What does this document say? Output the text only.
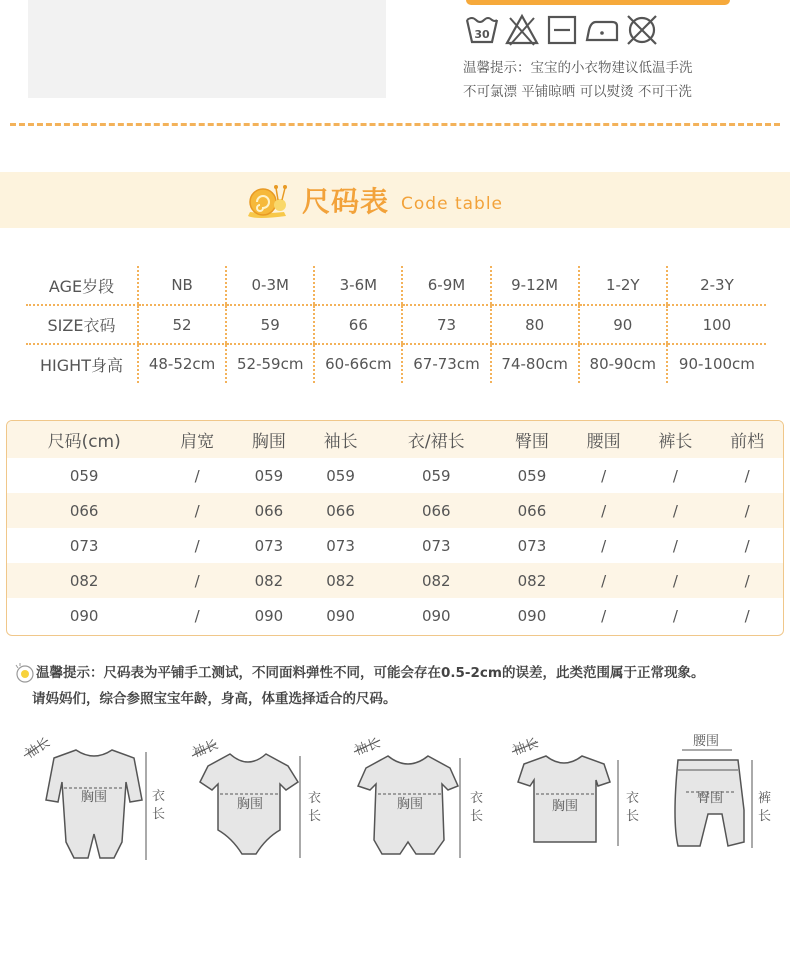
30
温馨提示：宝宝的小衣物建议低温手洗
不可氯漂 平铺晾晒 可以熨烫 不可干洗
尺码表 Code table
AGE岁段	NB	0-3M	3-6M	6-9M	9-12M	1-2Y	2-3Y
SIZE衣码	52	59	66	73	80	90	100
HIGHT身高	48-52cm	52-59cm	60-66cm	67-73cm	74-80cm	80-90cm	90-100cm
尺码(cm)	肩宽	胸围	袖长	衣/裙长	臀围	腰围	裤长	前档
059	/	059	059	059	059	/	/	/
066	/	066	066	066	066	/	/	/
073	/	073	073	073	073	/	/	/
082	/	082	082	082	082	/	/	/
090	/	090	090	090	090	/	/	/
温馨提示：尺码表为平铺手工测试，不同面料弹性不同，可能会存在0.5-2cm的误差，此类范围属于正常现象。
请妈妈们，综合参照宝宝年龄，身高，体重选择适合的尺码。
袖长
胸围	衣长
袖长
胸围	衣长
袖长
胸围	衣长
袖长
胸围
衣长
腰围
臀围	裤长
